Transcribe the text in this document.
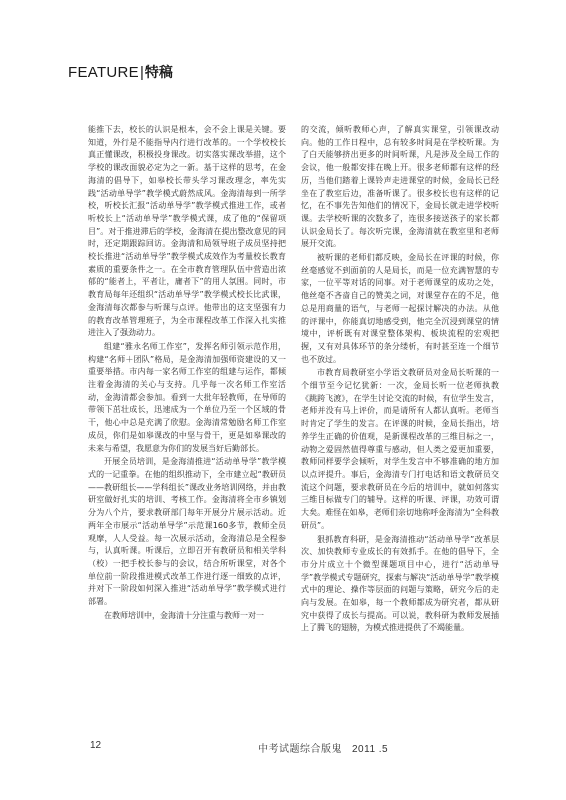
FEATURE|特稿

能推下去，校长的认识是根本，会不会上课是关键。要知道，外行是不能指导内行进行改革的。一个学校校长真正懂课改，积极投身课改。切实落实课改举措，这个学校的课改面貌必定为之一新。基于这样的思考，在金海清的倡导下，如皋校长带头学习课改理念，率先实践“活动单导学”教学模式蔚然成风。金海清每到一所学校，听校长汇报“活动单导学”教学模式推进工作，或者听校长上“活动单导学”教学模式课，成了他的“保留项目”。对于推进滞后的学校，金海清在提出整改意见的同时，还定期跟踪回访。金海清和局领导班子成员坚持把校长推进“活动单导学”教学模式成效作为考量校长教育素质的重要条件之一。在全市教育管理队伍中营造出浓郁的“能者上，平者让，庸者下”的用人氛围。同时，市教育局每年还组织“活动单导学”教学模式校长比武课，金海清每次都参与听课与点评。他带出的这支坚强有力的教育改革管理班子，为全市课程改革工作深入扎实推进注入了强劲动力。

组建“雅永名师工作室”，发挥名师引领示范作用，构建“名师＋团队”格局，是金海清加强师资建设的又一重要举措。市内每一家名师工作室的组建与运作，都倾注着金海清的关心与支持。几乎每一次名师工作室活动，金海清都会参加。看到一大批年轻教师，在导师的带领下茁壮成长，迅速成为一个单位乃至一个区域的骨干，他心中总是充满了欣慰。金海清常勉励名师工作室成员，你们是如皋课改的中坚与骨干，更是如皋课改的未来与希望，我愿意为你们的发展当好后勤部长。

开展全员培训，是金海清推进“活动单导学”教学模式的一记重拳。在他的组织推动下，全市建立起“教研员——教研组长——学科组长”课改业务培训网络，并由教研室做好扎实的培训、考核工作。金海清将全市乡镇划分为八个片，要求教研部门每年开展分片展示活动。近两年全市展示“活动单导学”示范课160多节，教师全员观摩，人人受益。每一次展示活动，金海清总是全程参与，认真听课。听课后，立即召开有教研员和相关学科（校）一把手校长参与的会议，结合所听课堂，对各个单位前一阶段推进模式改革工作进行逐一细致的点评，并对下一阶段如何深入推进“活动单导学”教学模式进行部署。

在教师培训中，金海清十分注重与教师一对一

的交流，倾听教师心声，了解真实课堂，引领课改动向。他的工作日程中，总有较多时间是在学校听课。为了白天能够挤出更多的时间听课，凡是涉及全局工作的会议，他一般都安排在晚上开。很多老师都有这样的经历，当他们踏着上课铃声走进课堂的时候，金局长已经坐在了教室后边，准备听课了。很多校长也有这样的记忆，在不事先告知他们的情况下，金局长就走进学校听课。去学校听课的次数多了，连很多接送孩子的家长都认识金局长了。每次听完课，金海清就在教室里和老师展开交流。

被听课的老师们都反映，金局长在评课的时候，你丝毫感觉不到面前的人是局长，而是一位充满智慧的专家，一位平等对话的同事。对于老师课堂的成功之处，他丝毫不吝啬自己的赞美之词，对课堂存在的不足，他总是用商量的语气，与老师一起探讨解决的办法。从他的评课中，你能真切地感受到，他完全沉浸到课堂的情境中，评析既有对课堂整体架构、板块流程的宏观把握，又有对具体环节的条分缕析，有时甚至连一个细节也不放过。

市教育局教研室小学语文教研员对金局长听课的一个细节至今记忆犹新：一次，金局长听一位老师执教《跳跨飞渡》，在学生讨论交流的时候，有位学生发言，老师并没有马上评价，而是请所有人都认真听。老师当时肯定了学生的发言。在评课的时候，金局长指出，培养学生正确的价值观，是新课程改革的三维目标之一，动物之爱固然值得尊重与感动，但人类之爱更加重要，教师同样要学会倾听，对学生发言中不够准确的地方加以点评提升。事后，金海清专门打电话和语文教研员交流这个问题，要求教研员在今后的培训中，就如何落实三维目标做专门的辅导。这样的听课、评课，功效可谓大矣。难怪在如皋，老师们亲切地称呼金海清为“全科教研员”。

狠抓教育科研，是金海清推动“活动单导学”改革层次、加快教师专业成长的有效抓手。在他的倡导下，全市分片成立十个微型课题项目中心，进行“活动单导学”教学模式专题研究，探索与解决“活动单导学”教学模式中的理论、操作等层面的问题与策略，研究今后的走向与发展。在如皋，每一个教师都成为研究者，都从研究中获得了成长与提高。可以说，教科研为教师发展插上了腾飞的翅膀，为模式推进提供了不竭能量。

12	中考试题综合版鬼 2011 .5
